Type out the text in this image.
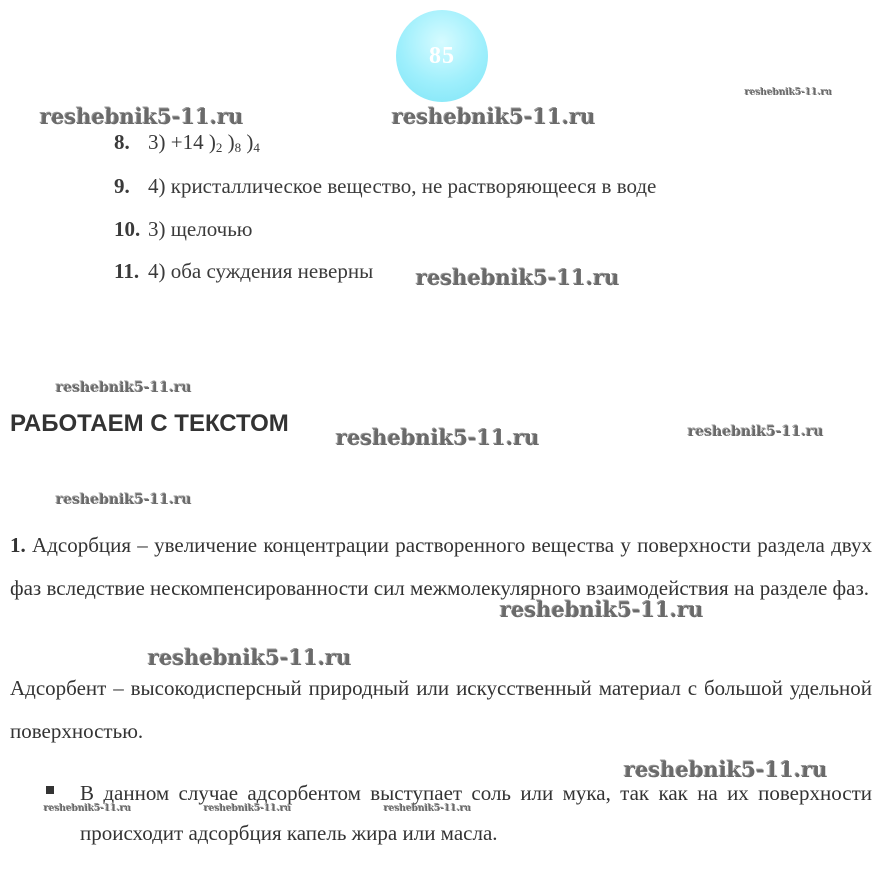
85
8. 3) +14 )$_2$ )$_8$ )$_4$
9. 4) кристаллическое вещество, не растворяющееся в воде
10. 3) щелочью
11. 4) оба суждения неверны
РАБОТАЕМ С ТЕКСТОМ
1. Адсорбция – увеличение концентрации растворенного вещества у поверхности раздела двух фаз вследствие нескомпенсированности сил межмолекулярного взаимодействия на разделе фаз.
Адсорбент – высокодисперсный природный или искусственный материал с большой удельной поверхностью.
В данном случае адсорбентом выступает соль или мука, так как на их поверхности происходит адсорбция капель жира или масла.
reshebnik5-11.ru
reshebnik5-11.ru	reshebnik5-11.ru
reshebnik5-11.ru
reshebnik5-11.ru
reshebnik5-11.ru	reshebnik5-11.ru
reshebnik5-11.ru
reshebnik5-11.ru
reshebnik5-11.ru
reshebnik5-11.ru
reshebnik5-11.ru	reshebnik5-11.ru	reshebnik5-11.ru
